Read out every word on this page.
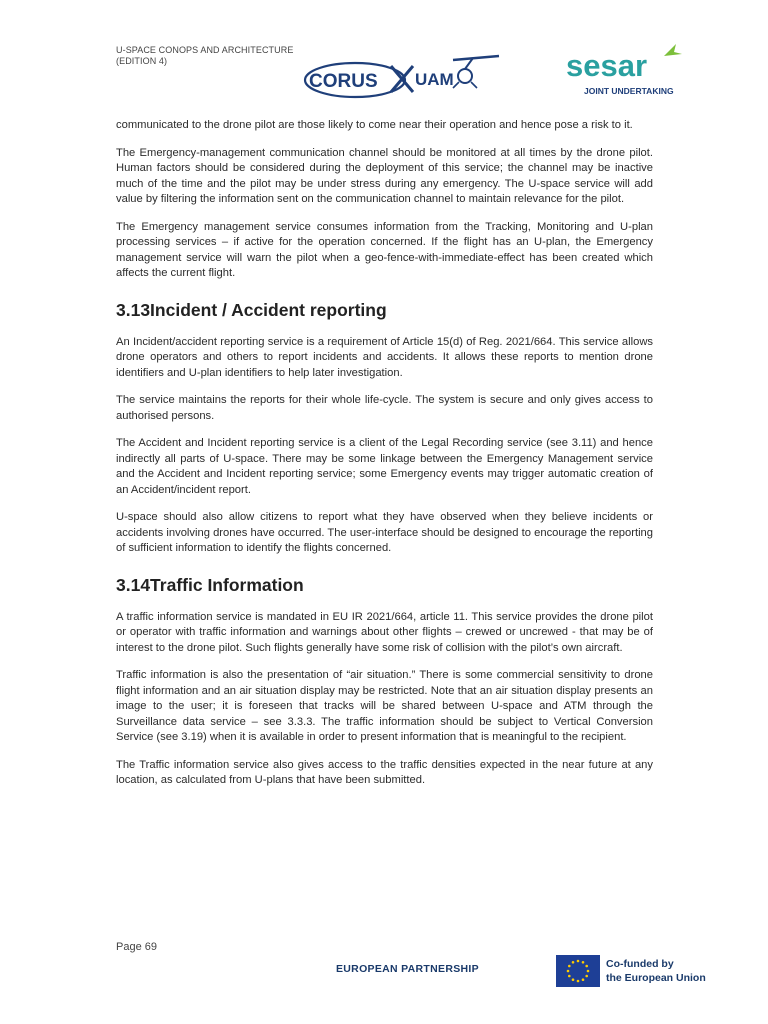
U-SPACE CONOPS AND ARCHITECTURE
(EDITION 4)
CORUS UAM	sesar
JOINT UNDERTAKING

communicated to the drone pilot are those likely to come near their operation and hence pose a risk to it.

The Emergency-management communication channel should be monitored at all times by the drone pilot. Human factors should be considered during the deployment of this service; the channel may be inactive much of the time and the pilot may be under stress during any emergency. The U-space service will add value by filtering the information sent on the communication channel to maintain relevance for the pilot.

The Emergency management service consumes information from the Tracking, Monitoring and U-plan processing services – if active for the operation concerned. If the flight has an U-plan, the Emergency management service will warn the pilot when a geo-fence-with-immediate-effect has been created which affects the current flight.

3.13Incident / Accident reporting

An Incident/accident reporting service is a requirement of Article 15(d) of Reg. 2021/664. This service allows drone operators and others to report incidents and accidents. It allows these reports to mention drone identifiers and U-plan identifiers to help later investigation.

The service maintains the reports for their whole life-cycle. The system is secure and only gives access to authorised persons.

The Accident and Incident reporting service is a client of the Legal Recording service (see 3.11) and hence indirectly all parts of U-space. There may be some linkage between the Emergency Management service and the Accident and Incident reporting service; some Emergency events may trigger automatic creation of an Accident/incident report.

U-space should also allow citizens to report what they have observed when they believe incidents or accidents involving drones have occurred. The user-interface should be designed to encourage the reporting of sufficient information to identify the flights concerned.

3.14Traffic Information

A traffic information service is mandated in EU IR 2021/664, article 11. This service provides the drone pilot or operator with traffic information and warnings about other flights – crewed or uncrewed - that may be of interest to the drone pilot. Such flights generally have some risk of collision with the pilot’s own aircraft.

Traffic information is also the presentation of “air situation.” There is some commercial sensitivity to drone flight information and an air situation display may be restricted. Note that an air situation display presents an image to the user; it is foreseen that tracks will be shared between U-space and ATM through the Surveillance data service – see 3.3.3. The traffic information should be subject to Vertical Conversion Service (see 3.19) when it is available in order to present information that is meaningful to the recipient.

The Traffic information service also gives access to the traffic densities expected in the near future at any location, as calculated from U-plans that have been submitted.

Page 69
EUROPEAN PARTNERSHIP	Co-funded by
the European Union
